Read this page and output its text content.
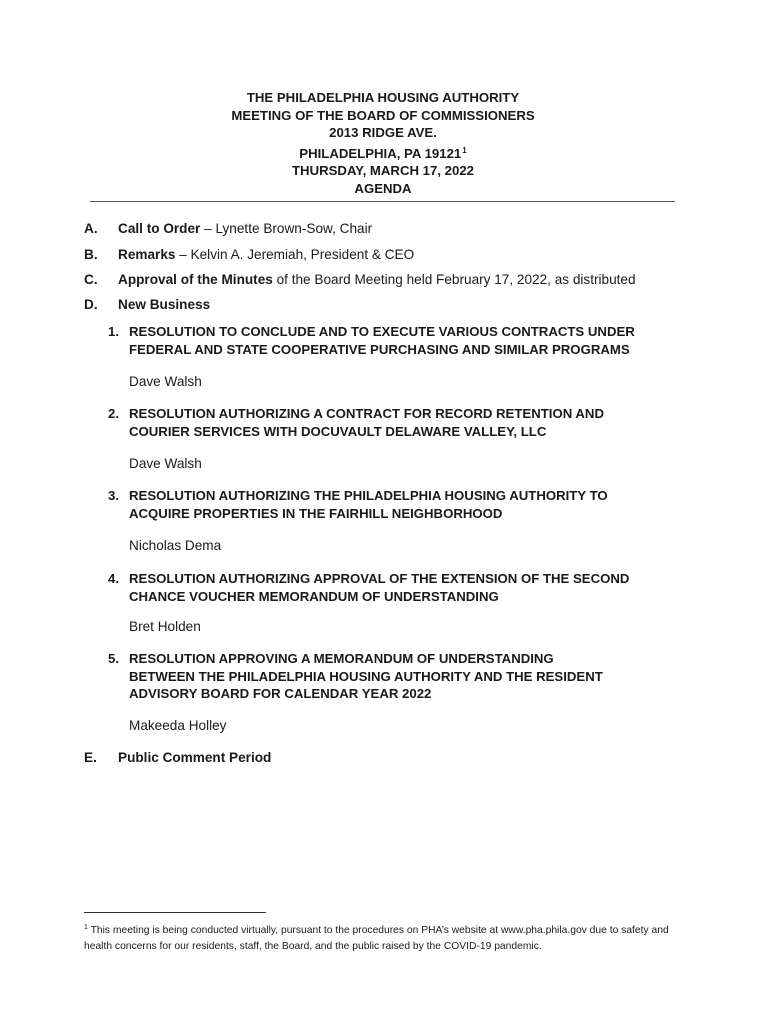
THE PHILADELPHIA HOUSING AUTHORITY
MEETING OF THE BOARD OF COMMISSIONERS
2013 RIDGE AVE.
PHILADELPHIA, PA 19121$^1$
THURSDAY, MARCH 17, 2022
AGENDA
A. Call to Order – Lynette Brown-Sow, Chair
B. Remarks – Kelvin A. Jeremiah, President & CEO
C. Approval of the Minutes of the Board Meeting held February 17, 2022, as distributed
D. New Business
1. RESOLUTION TO CONCLUDE AND TO EXECUTE VARIOUS CONTRACTS UNDER
FEDERAL AND STATE COOPERATIVE PURCHASING AND SIMILAR PROGRAMS
Dave Walsh
2. RESOLUTION AUTHORIZING A CONTRACT FOR RECORD RETENTION AND
COURIER SERVICES WITH DOCUVAULT DELAWARE VALLEY, LLC
Dave Walsh
3. RESOLUTION AUTHORIZING THE PHILADELPHIA HOUSING AUTHORITY TO
ACQUIRE PROPERTIES IN THE FAIRHILL NEIGHBORHOOD
Nicholas Dema
4. RESOLUTION AUTHORIZING APPROVAL OF THE EXTENSION OF THE SECOND
CHANCE VOUCHER MEMORANDUM OF UNDERSTANDING
Bret Holden
5. RESOLUTION APPROVING A MEMORANDUM OF UNDERSTANDING
BETWEEN THE PHILADELPHIA HOUSING AUTHORITY AND THE RESIDENT
ADVISORY BOARD FOR CALENDAR YEAR 2022
Makeeda Holley
E. Public Comment Period
$^1$ This meeting is being conducted virtually, pursuant to the procedures on PHA’s website at www.pha.phila.gov due to safety and health concerns for our residents, staff, the Board, and the public raised by the COVID-19 pandemic.
